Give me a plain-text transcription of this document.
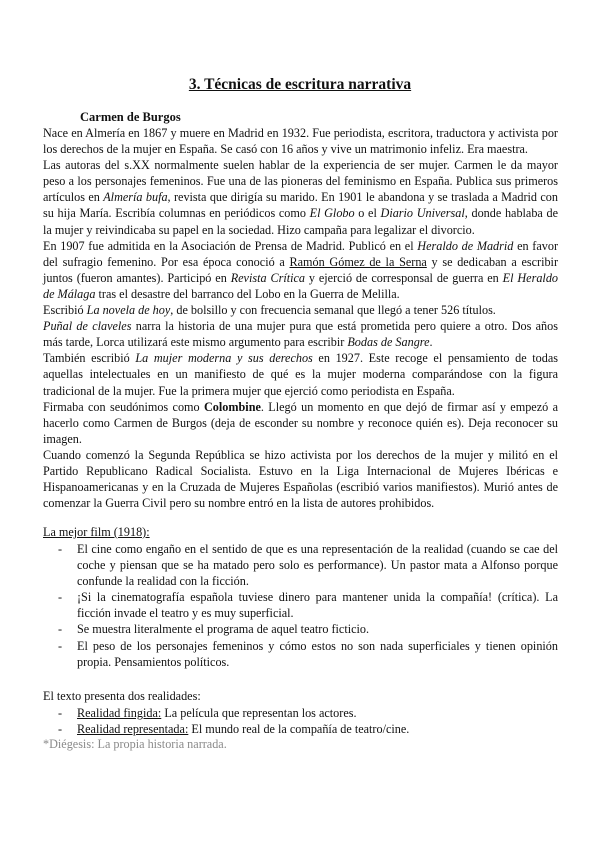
3. Técnicas de escritura narrativa
Carmen de Burgos

Nace en Almería en 1867 y muere en Madrid en 1932. Fue periodista, escritora, traductora y activista por los derechos de la mujer en España. Se casó con 16 años y vive un matrimonio infeliz. Era maestra.

Las autoras del s.XX normalmente suelen hablar de la experiencia de ser mujer. Carmen le da mayor peso a los personajes femeninos. Fue una de las pioneras del feminismo en España. Publica sus primeros artículos en Almería bufa, revista que dirigía su marido. En 1901 le abandona y se traslada a Madrid con su hija María. Escribía columnas en periódicos como El Globo o el Diario Universal, donde hablaba de la mujer y reivindicaba su papel en la sociedad. Hizo campaña para legalizar el divorcio.

En 1907 fue admitida en la Asociación de Prensa de Madrid. Publicó en el Heraldo de Madrid en favor del sufragio femenino. Por esa época conoció a Ramón Gómez de la Serna y se dedicaban a escribir juntos (fueron amantes). Participó en Revista Crítica y ejerció de corresponsal de guerra en El Heraldo de Málaga tras el desastre del barranco del Lobo en la Guerra de Melilla.

Escribió La novela de hoy, de bolsillo y con frecuencia semanal que llegó a tener 526 títulos.

Puñal de claveles narra la historia de una mujer pura que está prometida pero quiere a otro. Dos años más tarde, Lorca utilizará este mismo argumento para escribir Bodas de Sangre.

También escribió La mujer moderna y sus derechos en 1927. Este recoge el pensamiento de todas aquellas intelectuales en un manifiesto de qué es la mujer moderna comparándose con la figura tradicional de la mujer. Fue la primera mujer que ejerció como periodista en España.

Firmaba con seudónimos como Colombine. Llegó un momento en que dejó de firmar así y empezó a hacerlo como Carmen de Burgos (deja de esconder su nombre y reconoce quién es). Deja reconocer su imagen.

Cuando comenzó la Segunda República se hizo activista por los derechos de la mujer y militó en el Partido Republicano Radical Socialista. Estuvo en la Liga Internacional de Mujeres Ibéricas e Hispanoamericanas y en la Cruzada de Mujeres Españolas (escribió varios manifiestos). Murió antes de comenzar la Guerra Civil pero su nombre entró en la lista de autores prohibidos.

La mejor film (1918):
- El cine como engaño en el sentido de que es una representación de la realidad (cuando se cae del coche y piensan que se ha matado pero solo es performance). Un pastor mata a Alfonso porque confunde la realidad con la ficción.
- ¡Si la cinematografía española tuviese dinero para mantener unida la compañía! (crítica). La ficción invade el teatro y es muy superficial.
- Se muestra literalmente el programa de aquel teatro ficticio.
- El peso de los personajes femeninos y cómo estos no son nada superficiales y tienen opinión propia. Pensamientos políticos.
El texto presenta dos realidades:
- Realidad fingida: La película que representan los actores.
- Realidad representada: El mundo real de la compañía de teatro/cine.
*Diégesis: La propia historia narrada.
